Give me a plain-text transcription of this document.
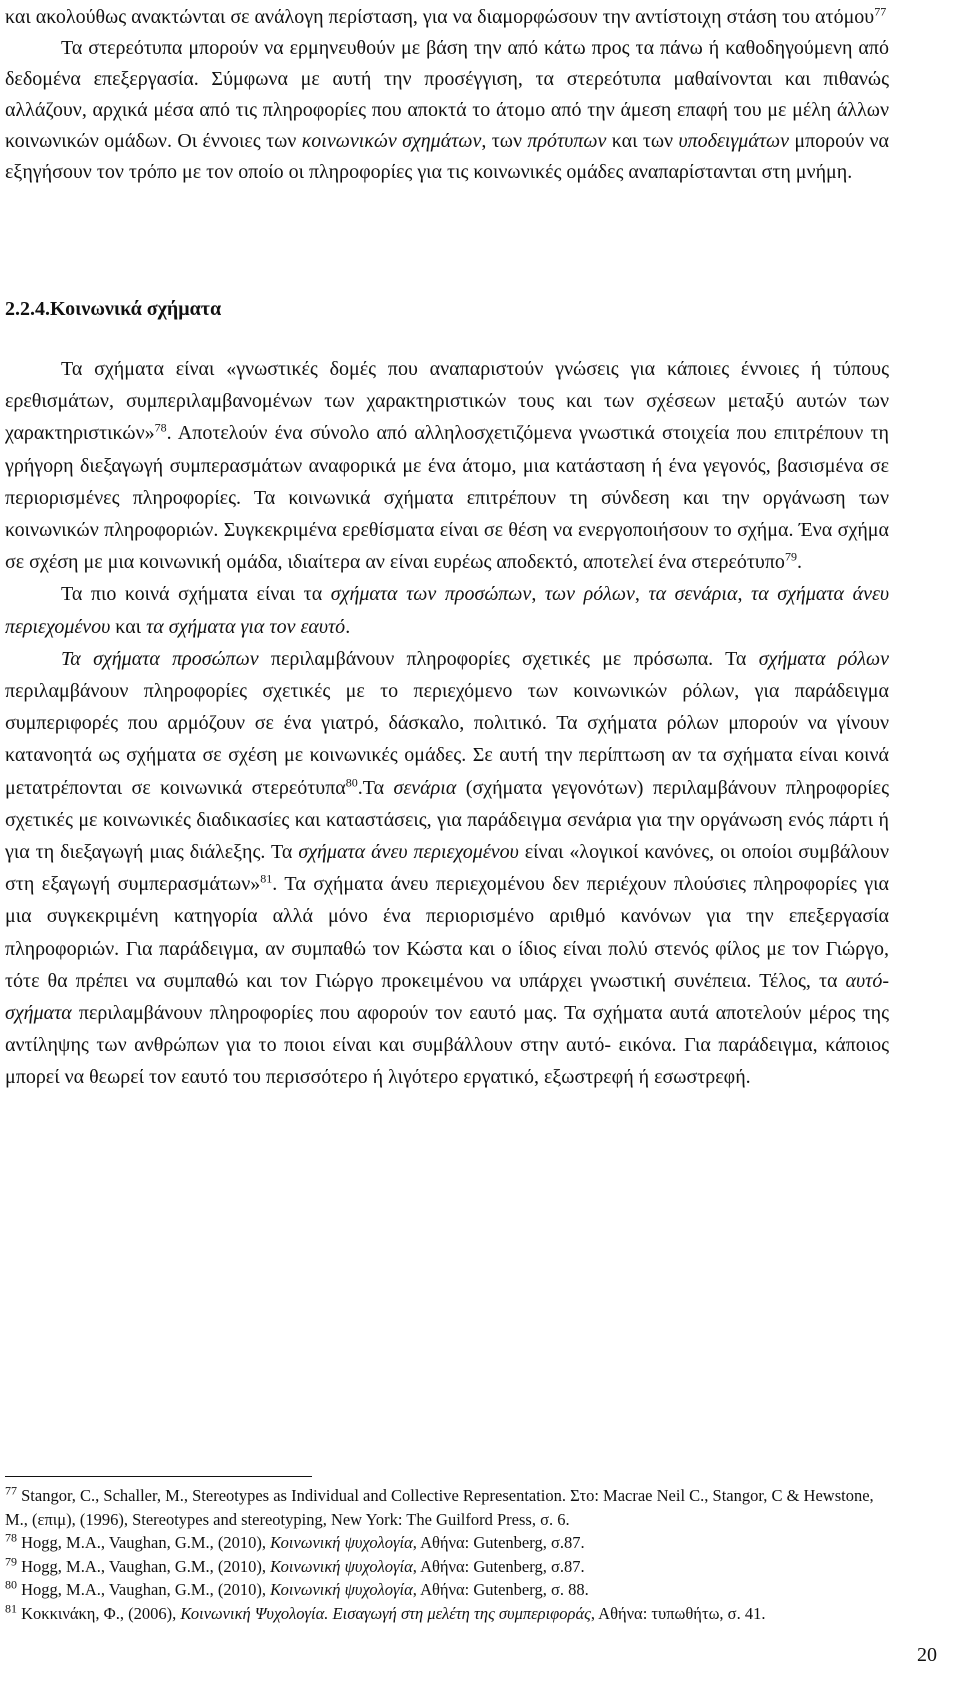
και ακολούθως ανακτώνται σε ανάλογη περίσταση, για να διαμορφώσουν την αντίστοιχη στάση του ατόμου$^{77}$

Τα στερεότυπα μπορούν να ερμηνευθούν με βάση την από κάτω προς τα πάνω ή καθοδηγούμενη από δεδομένα επεξεργασία. Σύμφωνα με αυτή την προσέγγιση, τα στερεότυπα μαθαίνονται και πιθανώς αλλάζουν, αρχικά μέσα από τις πληροφορίες που αποκτά το άτομο από την άμεση επαφή του με μέλη άλλων κοινωνικών ομάδων. Οι έννοιες των κοινωνικών σχημάτων, των πρότυπων και των υποδειγμάτων μπορούν να εξηγήσουν τον τρόπο με τον οποίο οι πληροφορίες για τις κοινωνικές ομάδες αναπαρίστανται στη μνήμη.

2.2.4.Κοινωνικά σχήματα

Τα σχήματα είναι «γνωστικές δομές που αναπαριστούν γνώσεις για κάποιες έννοιες ή τύπους ερεθισμάτων, συμπεριλαμβανομένων των χαρακτηριστικών τους και των σχέσεων μεταξύ αυτών των χαρακτηριστικών»$^{78}$. Αποτελούν ένα σύνολο από αλληλοσχετιζόμενα γνωστικά στοιχεία που επιτρέπουν τη γρήγορη διεξαγωγή συμπερασμάτων αναφορικά με ένα άτομο, μια κατάσταση ή ένα γεγονός, βασισμένα σε περιορισμένες πληροφορίες. Τα κοινωνικά σχήματα επιτρέπουν τη σύνδεση και την οργάνωση των κοινωνικών πληροφοριών. Συγκεκριμένα ερεθίσματα είναι σε θέση να ενεργοποιήσουν το σχήμα. Ένα σχήμα σε σχέση με μια κοινωνική ομάδα, ιδιαίτερα αν είναι ευρέως αποδεκτό, αποτελεί ένα στερεότυπο$^{79}$.

Τα πιο κοινά σχήματα είναι τα σχήματα των προσώπων, των ρόλων, τα σενάρια, τα σχήματα άνευ περιεχομένου και τα σχήματα για τον εαυτό.

Τα σχήματα προσώπων περιλαμβάνουν πληροφορίες σχετικές με πρόσωπα. Τα σχήματα ρόλων περιλαμβάνουν πληροφορίες σχετικές με το περιεχόμενο των κοινωνικών ρόλων, για παράδειγμα συμπεριφορές που αρμόζουν σε ένα γιατρό, δάσκαλο, πολιτικό. Τα σχήματα ρόλων μπορούν να γίνουν κατανοητά ως σχήματα σε σχέση με κοινωνικές ομάδες. Σε αυτή την περίπτωση αν τα σχήματα είναι κοινά μετατρέπονται σε κοινωνικά στερεότυπα$^{80}$.Τα σενάρια (σχήματα γεγονότων) περιλαμβάνουν πληροφορίες σχετικές με κοινωνικές διαδικασίες και καταστάσεις, για παράδειγμα σενάρια για την οργάνωση ενός πάρτι ή για τη διεξαγωγή μιας διάλεξης. Τα σχήματα άνευ περιεχομένου είναι «λογικοί κανόνες, οι οποίοι συμβάλουν στη εξαγωγή συμπερασμάτων»$^{81}$. Τα σχήματα άνευ περιεχομένου δεν περιέχουν πλούσιες πληροφορίες για μια συγκεκριμένη κατηγορία αλλά μόνο ένα περιορισμένο αριθμό κανόνων για την επεξεργασία πληροφοριών. Για παράδειγμα, αν συμπαθώ τον Κώστα και ο ίδιος είναι πολύ στενός φίλος με τον Γιώργο, τότε θα πρέπει να συμπαθώ και τον Γιώργο προκειμένου να υπάρχει γνωστική συνέπεια. Τέλος, τα αυτό- σχήματα περιλαμβάνουν πληροφορίες που αφορούν τον εαυτό μας. Τα σχήματα αυτά αποτελούν μέρος της αντίληψης των ανθρώπων για το ποιοι είναι και συμβάλλουν στην αυτό- εικόνα. Για παράδειγμα, κάποιος μπορεί να θεωρεί τον εαυτό του περισσότερο ή λιγότερο εργατικό, εξωστρεφή ή εσωστρεφή.

$^{77}$ Stangor, C., Schaller, M., Stereotypes as Individual and Collective Representation. Στο: Macrae Neil C., Stangor, C & Hewstone, M., (επιμ), (1996), Stereotypes and stereotyping, New York: The Guilford Press, σ. 6.

$^{78}$ Hogg, M.A., Vaughan, G.M., (2010), Κοινωνική ψυχολογία, Αθήνα: Gutenberg, σ.87.

$^{79}$ Hogg, M.A., Vaughan, G.M., (2010), Κοινωνική ψυχολογία, Αθήνα: Gutenberg, σ.87.

$^{80}$ Hogg, M.A., Vaughan, G.M., (2010), Κοινωνική ψυχολογία, Αθήνα: Gutenberg, σ. 88.

$^{81}$ Κοκκινάκη, Φ., (2006), Κοινωνική Ψυχολογία. Εισαγωγή στη μελέτη της συμπεριφοράς, Αθήνα: τυπωθήτω, σ. 41.

20
